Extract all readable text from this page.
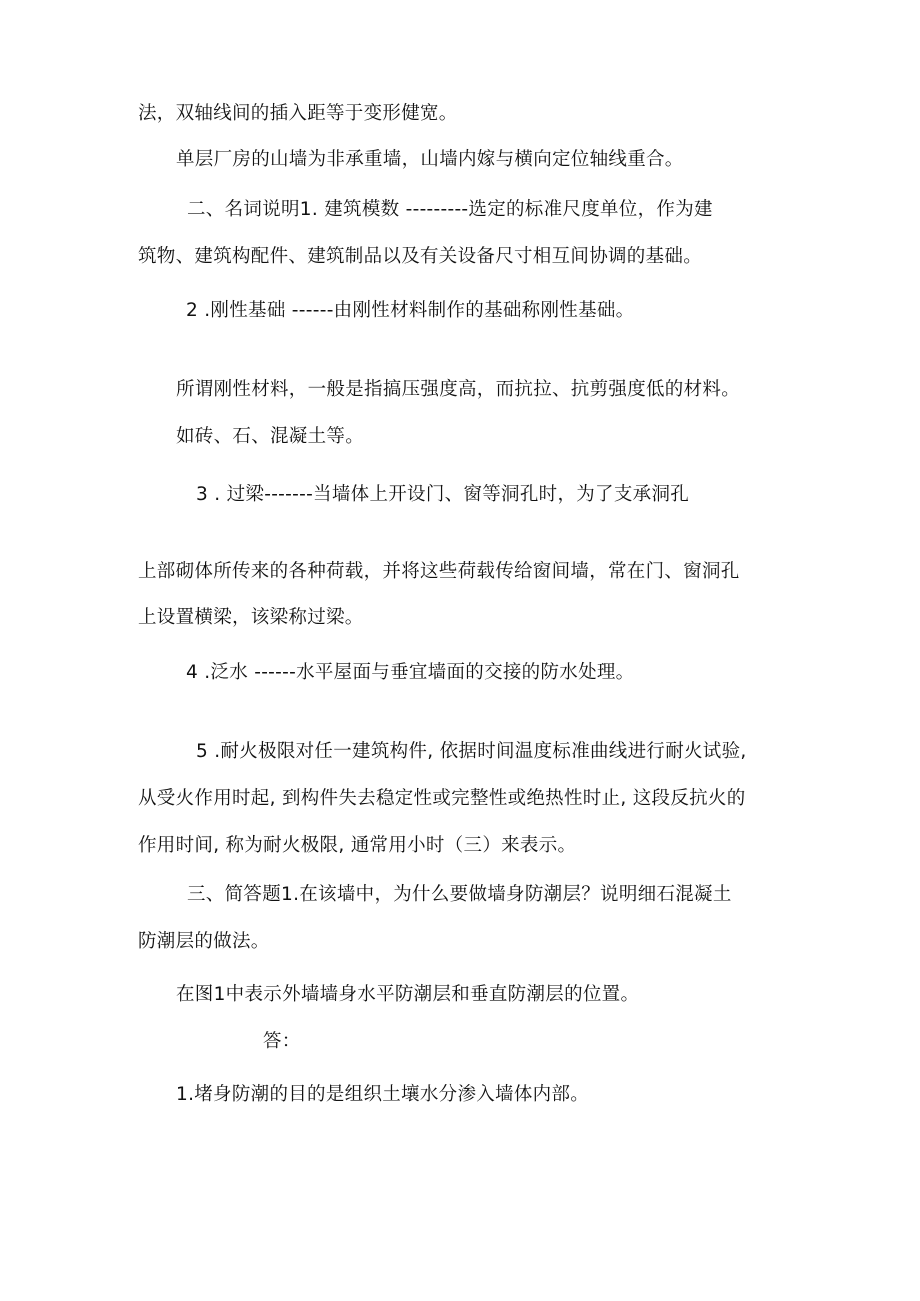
法，双轴线间的插入距等于变形健宽。
单层厂房的山墙为非承重墙，山墙内嫁与横向定位轴线重合。
二、名词说明1. 建筑模数 ---------选定的标准尺度单位，作为建
筑物、建筑构配件、建筑制品以及有关设备尺寸相互间协调的基础。
2 .刚性基础 ------由刚性材料制作的基础称刚性基础。
所谓刚性材料，一般是指搞压强度高，而抗拉、抗剪强度低的材料。
如砖、石、混凝土等。
3 . 过梁-------当墙体上开设门、窗等洞孔时，为了支承洞孔
上部砌体所传来的各种荷载，并将这些荷载传给窗间墙，常在门、窗洞孔
上设置横梁，该梁称过梁。
4 .泛水 ------水平屋面与垂宜墙面的交接的防水处理。
5 .耐火极限对任一建筑构件, 依据时间温度标准曲线进行耐火试验,
从受火作用时起, 到构件失去稳定性或完整性或绝热性时止, 这段反抗火的
作用时间, 称为耐火极限, 通常用小时（三）来表示。
三、简答题1.在该墙中，为什么要做墙身防潮层？说明细石混凝土
防潮层的做法。
在图1中表示外墙墙身水平防潮层和垂直防潮层的位置。
答：
1.堵身防潮的目的是组织土壤水分渗入墙体内部。
